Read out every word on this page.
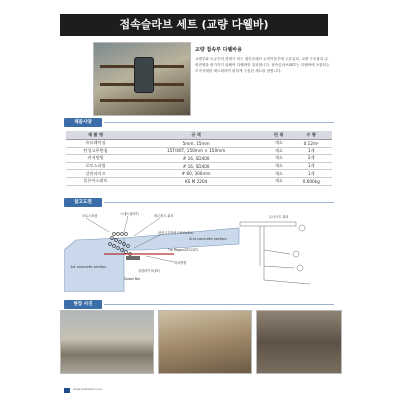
접속슬라브 세트 (교량 다웰바)
교량 접속부 다웰바용
교량부와 토공부의 경계가 되는 접속슬래브 수직이동부에 주유입되, 교량 구조물과 수평변형을 평가하기 위해여 다웰바를 설치합니다. 접속슬라브SET는 다웰바에 포함되는 부속자재를 세트화하여 편하게 구성된 세트를 정합니다.
제품사양
제 품 명	규 격	단 위	수 량
유프레이싱	5mm, 15mm	개소	0.12m²
탄성고무받침	15T/40T, 150mm × 150mm	개소	1개
커지방원	# 16, SD400	개소	2개
포토스파링	# 16, SD400	개소	1개
강관파이프	# 60, 300mm	개소	1개
플론아스팔트	KS M 2204	개소	0.600kg
참고도면
포토스파링	스네트플(ST)	매우볼트 위치
탄성고무받침 F400x300
1st concrete section
2nd concrete section
Tie Pegon(STCCST)
허치방원
강관파이프(ST)
Dowel Bar
토너브트 위치
현장 사진
www.example.co.kr
